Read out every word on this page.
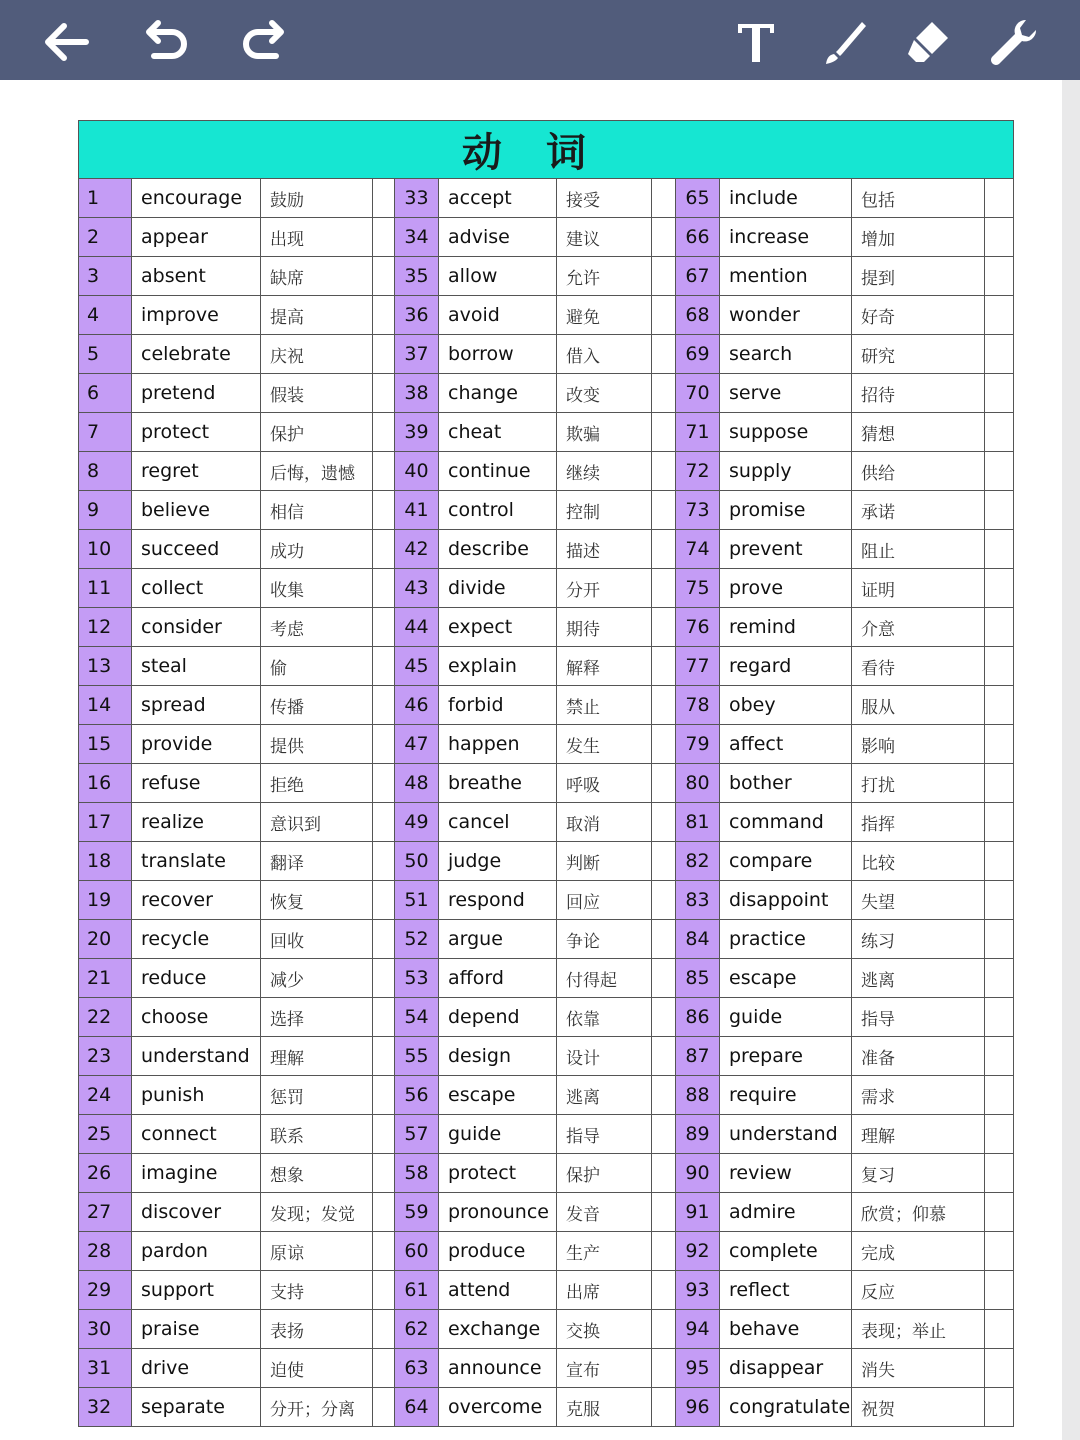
动词											
1	encourage	鼓励		33	accept	接受		65	include	包括	
2	appear	出现		34	advise	建议		66	increase	增加	
3	absent	缺席		35	allow	允许		67	mention	提到	
4	improve	提高		36	avoid	避免		68	wonder	好奇	
5	celebrate	庆祝		37	borrow	借入		69	search	研究	
6	pretend	假装		38	change	改变		70	serve	招待	
7	protect	保护		39	cheat	欺骗		71	suppose	猜想	
8	regret	后悔，遗憾		40	continue	继续		72	supply	供给	
9	believe	相信		41	control	控制		73	promise	承诺	
10	succeed	成功		42	describe	描述		74	prevent	阻止	
11	collect	收集		43	divide	分开		75	prove	证明	
12	consider	考虑		44	expect	期待		76	remind	介意	
13	steal	偷		45	explain	解释		77	regard	看待	
14	spread	传播		46	forbid	禁止		78	obey	服从	
15	provide	提供		47	happen	发生		79	affect	影响	
16	refuse	拒绝		48	breathe	呼吸		80	bother	打扰	
17	realize	意识到		49	cancel	取消		81	command	指挥	
18	translate	翻译		50	judge	判断		82	compare	比较	
19	recover	恢复		51	respond	回应		83	disappoint	失望	
20	recycle	回收		52	argue	争论		84	practice	练习	
21	reduce	减少		53	afford	付得起		85	escape	逃离	
22	choose	选择		54	depend	依靠		86	guide	指导	
23	understand	理解		55	design	设计		87	prepare	准备	
24	punish	惩罚		56	escape	逃离		88	require	需求	
25	connect	联系		57	guide	指导		89	understand	理解	
26	imagine	想象		58	protect	保护		90	review	复习	
27	discover	发现；发觉		59	pronounce	发音		91	admire	欣赏；仰慕	
28	pardon	原谅		60	produce	生产		92	complete	完成	
29	support	支持		61	attend	出席		93	reflect	反应	
30	praise	表扬		62	exchange	交换		94	behave	表现；举止	
31	drive	迫使		63	announce	宣布		95	disappear	消失	
32	separate	分开；分离		64	overcome	克服		96	congratulate	祝贺	
